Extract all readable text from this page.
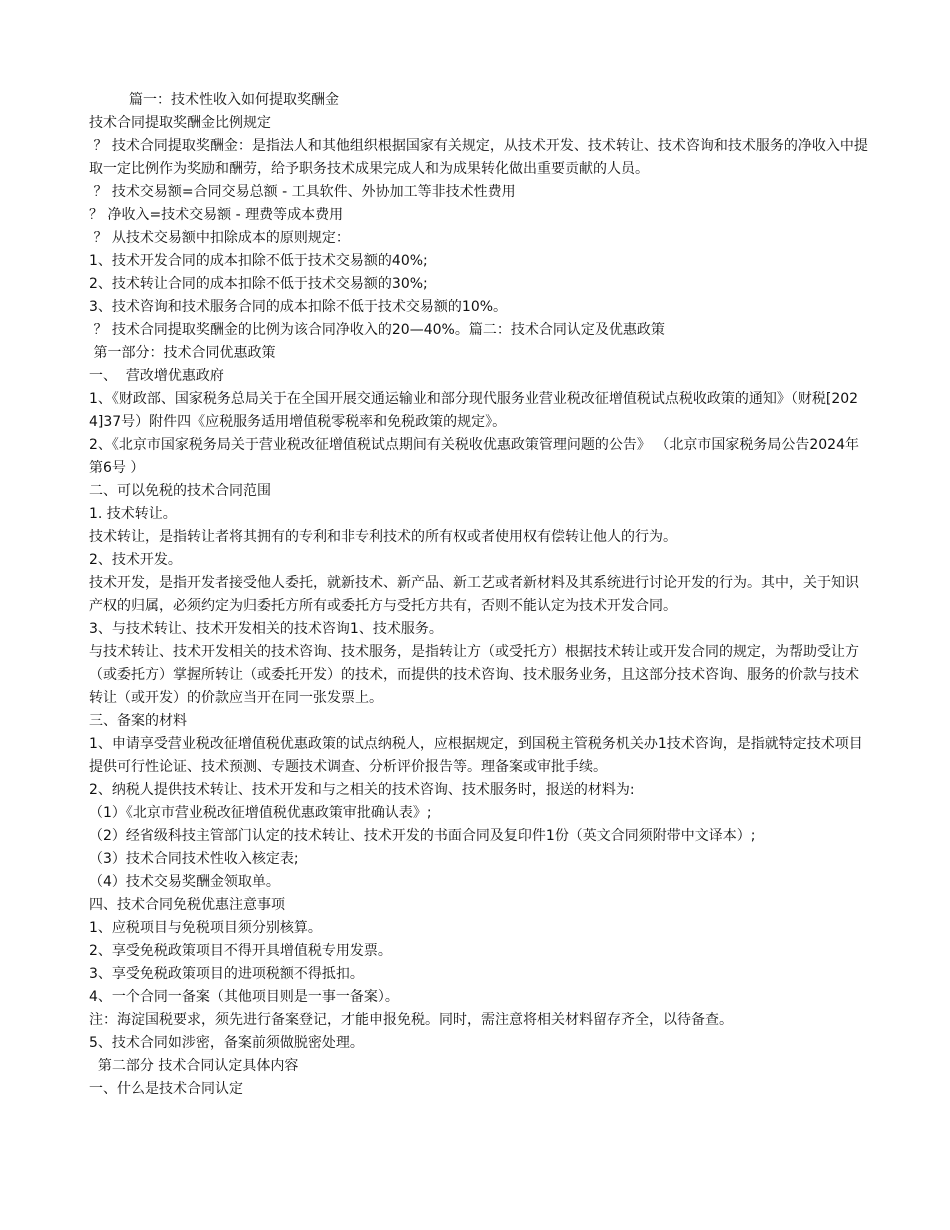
篇一：技术性收入如何提取奖酬金
技术合同提取奖酬金比例规定
？ 技术合同提取奖酬金：是指法人和其他组织根据国家有关规定，从技术开发、技术转让、技术咨询和技术服务的净收入中提取一定比例作为奖励和酬劳，给予职务技术成果完成人和为成果转化做出重要贡献的人员。
？ 技术交易额=合同交易总额 - 工具软件、外协加工等非技术性费用
？ 净收入=技术交易额 - 理费等成本费用
？ 从技术交易额中扣除成本的原则规定：
1、技术开发合同的成本扣除不低于技术交易额的40%;
2、技术转让合同的成本扣除不低于技术交易额的30%;
3、技术咨询和技术服务合同的成本扣除不低于技术交易额的10%。
？ 技术合同提取奖酬金的比例为该合同净收入的20—40%。篇二：技术合同认定及优惠政策
第一部分：技术合同优惠政策
一、  营改增优惠政府
1、《财政部、国家税务总局关于在全国开展交通运输业和部分现代服务业营业税改征增值税试点税收政策的通知》（财税[2024]37号）附件四《应税服务适用增值税零税率和免税政策的规定》。
2、《北京市国家税务局关于营业税改征增值税试点期间有关税收优惠政策管理问题的公告》 （北京市国家税务局公告2024年第6号 ）
二、可以免税的技术合同范围
1. 技术转让。
技术转让，是指转让者将其拥有的专利和非专利技术的所有权或者使用权有偿转让他人的行为。
2、技术开发。
技术开发，是指开发者接受他人委托，就新技术、新产品、新工艺或者新材料及其系统进行讨论开发的行为。其中，关于知识产权的归属，必须约定为归委托方所有或委托方与受托方共有，否则不能认定为技术开发合同。
3、与技术转让、技术开发相关的技术咨询1、技术服务。
与技术转让、技术开发相关的技术咨询、技术服务，是指转让方（或受托方）根据技术转让或开发合同的规定，为帮助受让方（或委托方）掌握所转让（或委托开发）的技术，而提供的技术咨询、技术服务业务，且这部分技术咨询、服务的价款与技术转让（或开发）的价款应当开在同一张发票上。
三、备案的材料
1、申请享受营业税改征增值税优惠政策的试点纳税人，应根据规定，到国税主管税务机关办1技术咨询，是指就特定技术项目提供可行性论证、技术预测、专题技术调查、分析评价报告等。理备案或审批手续。
2、纳税人提供技术转让、技术开发和与之相关的技术咨询、技术服务时，报送的材料为:
（1）《北京市营业税改征增值税优惠政策审批确认表》;
（2）经省级科技主管部门认定的技术转让、技术开发的书面合同及复印件1份（英文合同须附带中文译本）;
（3）技术合同技术性收入核定表;
（4）技术交易奖酬金领取单。
四、技术合同免税优惠注意事项
1、应税项目与免税项目须分别核算。
2、享受免税政策项目不得开具增值税专用发票。
3、享受免税政策项目的进项税额不得抵扣。
4、一个合同一备案（其他项目则是一事一备案）。
注：海淀国税要求，须先进行备案登记，才能申报免税。同时，需注意将相关材料留存齐全，以待备查。
5、技术合同如涉密，备案前须做脱密处理。
第二部分 技术合同认定具体内容
一、什么是技术合同认定
